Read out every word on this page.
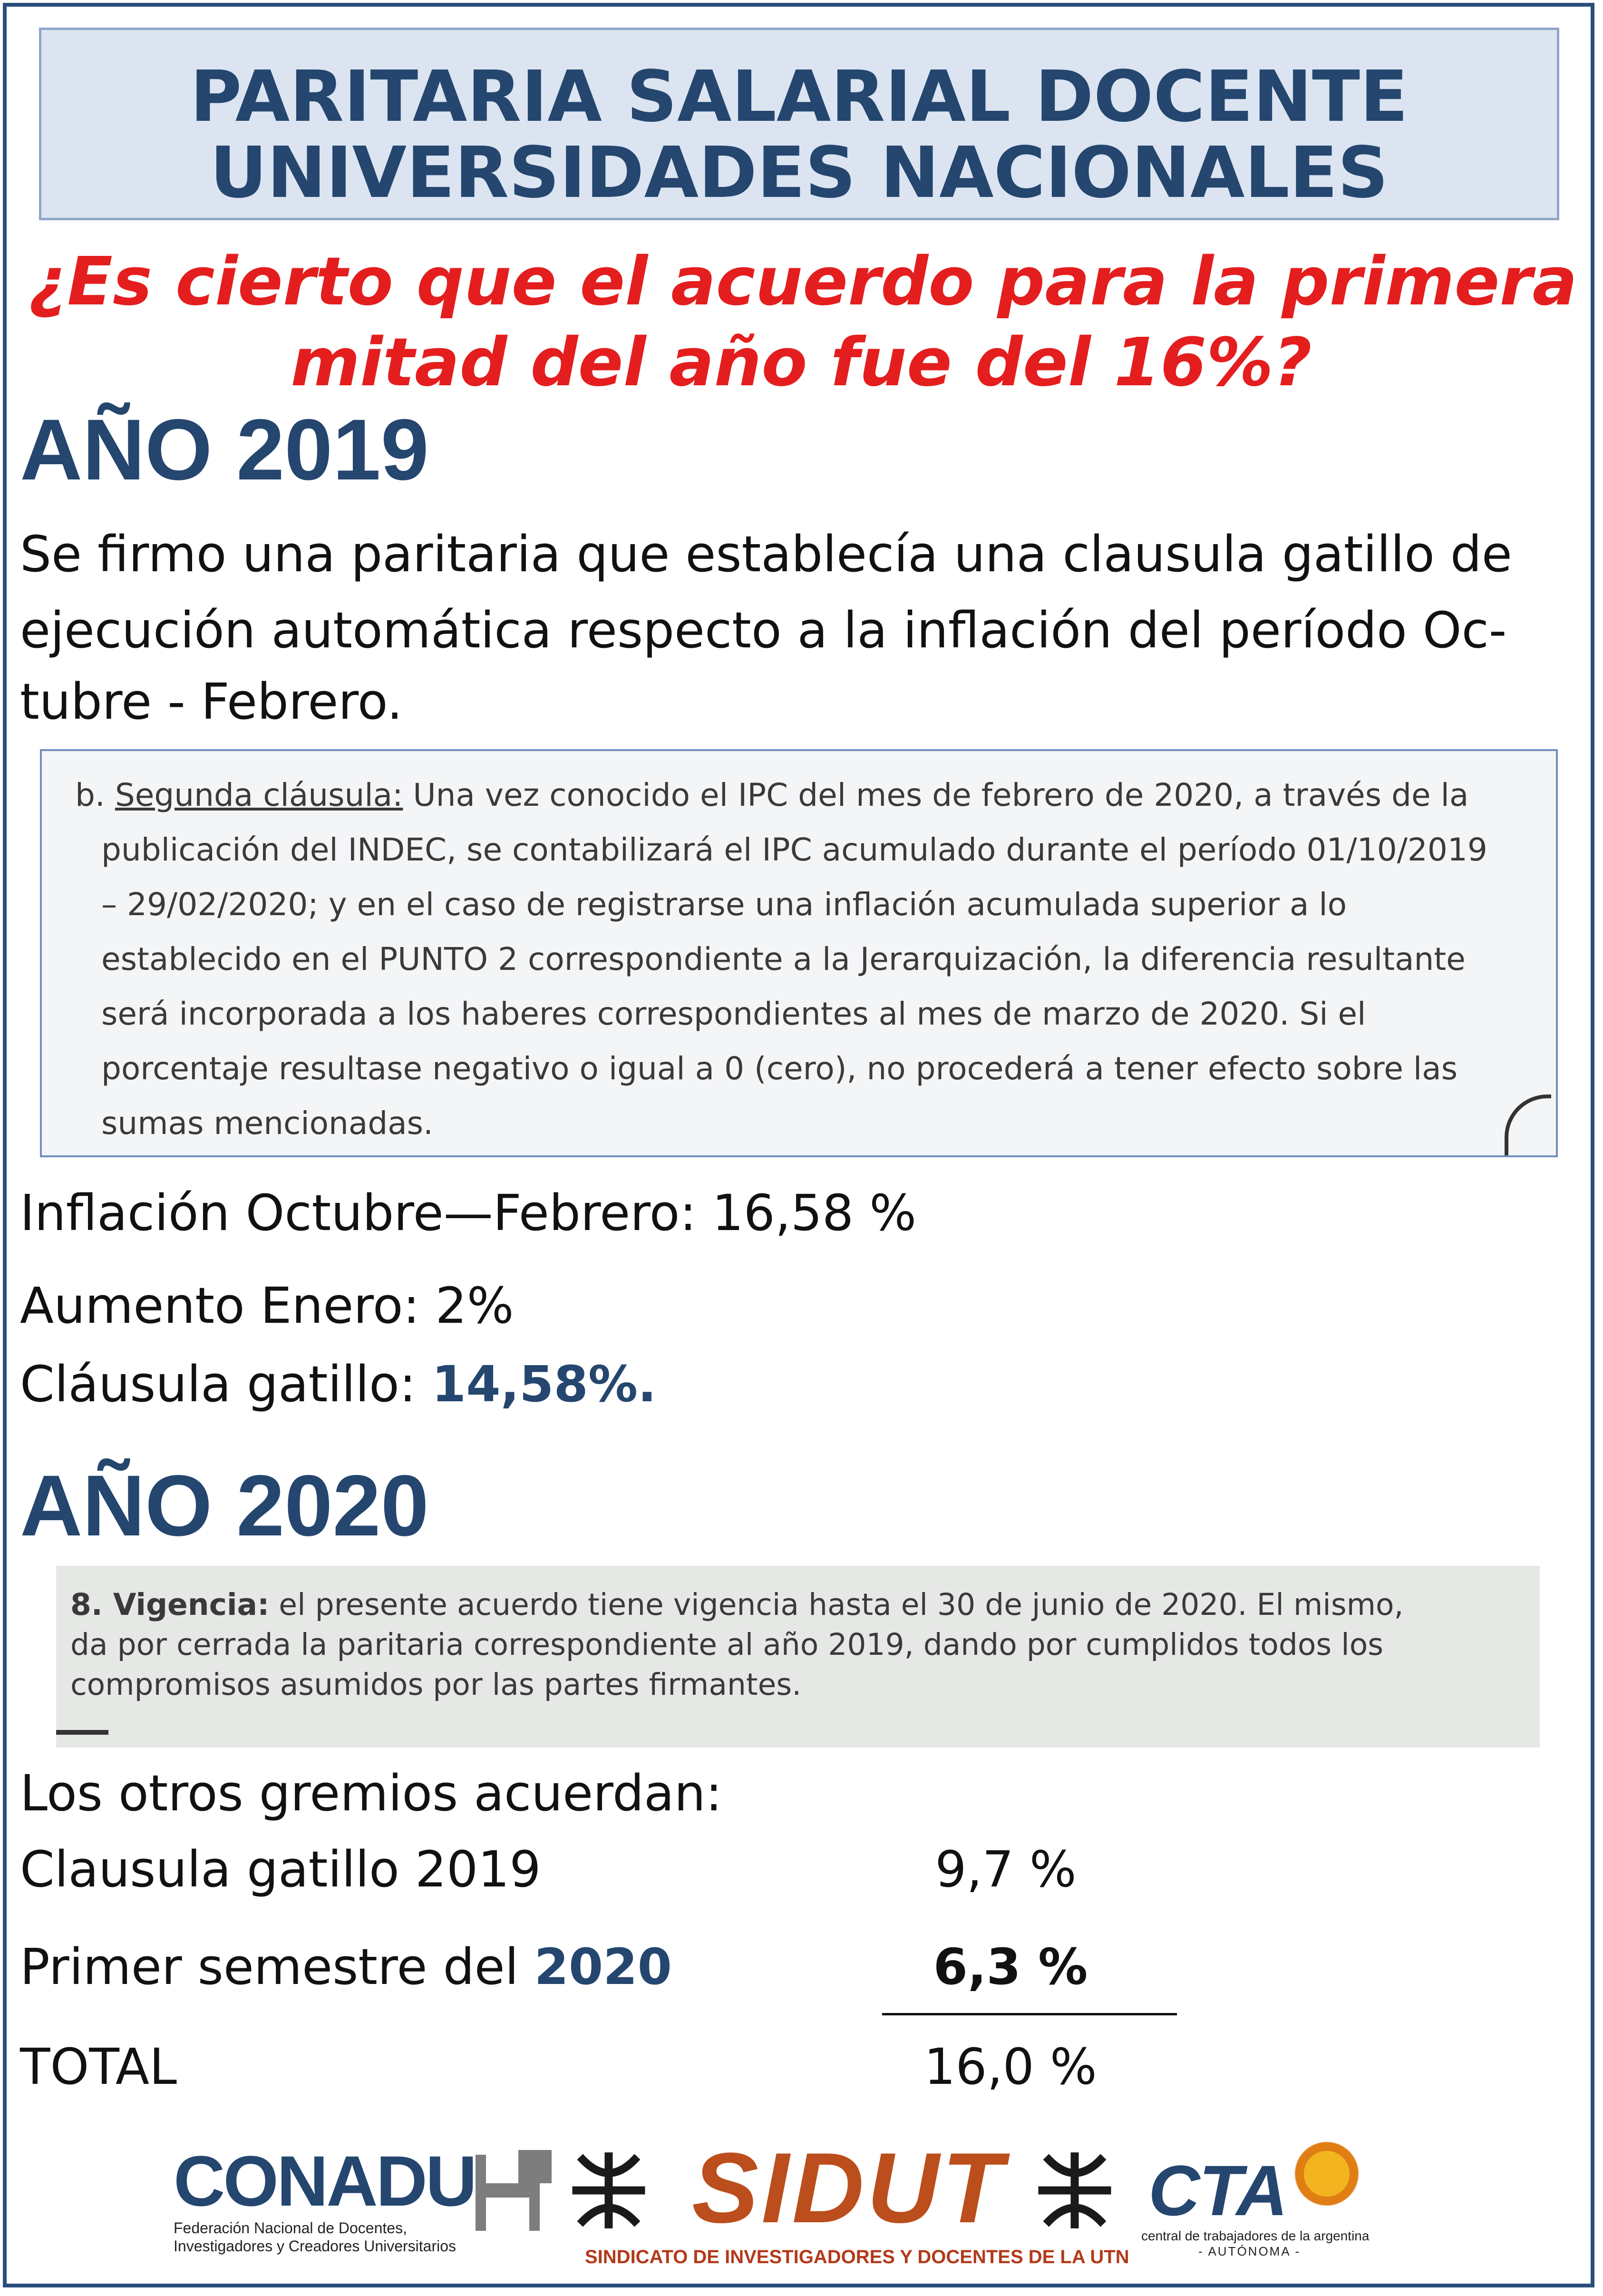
PARITARIA SALARIAL DOCENTE
UNIVERSIDADES NACIONALES
¿Es cierto que el acuerdo para la primera
mitad del año fue del 16%?
AÑO 2019
Se firmo una paritaria que establecía una clausula gatillo de
ejecución automática respecto a la inflación del período Oc-
tubre - Febrero.
b. Segunda cláusula: Una vez conocido el IPC del mes de febrero de 2020, a través de la
publicación del INDEC, se contabilizará el IPC acumulado durante el período 01/10/2019
– 29/02/2020; y en el caso de registrarse una inflación acumulada superior a lo
establecido en el PUNTO 2 correspondiente a la Jerarquización, la diferencia resultante
será incorporada a los haberes correspondientes al mes de marzo de 2020. Si el
porcentaje resultase negativo o igual a 0 (cero), no procederá a tener efecto sobre las
sumas mencionadas.
Inflación Octubre—Febrero: 16,58 %
Aumento Enero: 2%
Cláusula gatillo: 14,58%.
AÑO 2020
8. Vigencia: el presente acuerdo tiene vigencia hasta el 30 de junio de 2020. El mismo,
da por cerrada la paritaria correspondiente al año 2019, dando por cumplidos todos los
compromisos asumidos por las partes firmantes.
Los otros gremios acuerdan:
Clausula gatillo 2019	9,7 %
Primer semestre del 2020	6,3 %
TOTAL	16,0 %
CONADU
Federación Nacional de Docentes,
Investigadores y Creadores Universitarios
SIDUT
SINDICATO DE INVESTIGADORES Y DOCENTES DE LA UTN
CTA
central de trabajadores de la argentina
- AUTÓNOMA -
